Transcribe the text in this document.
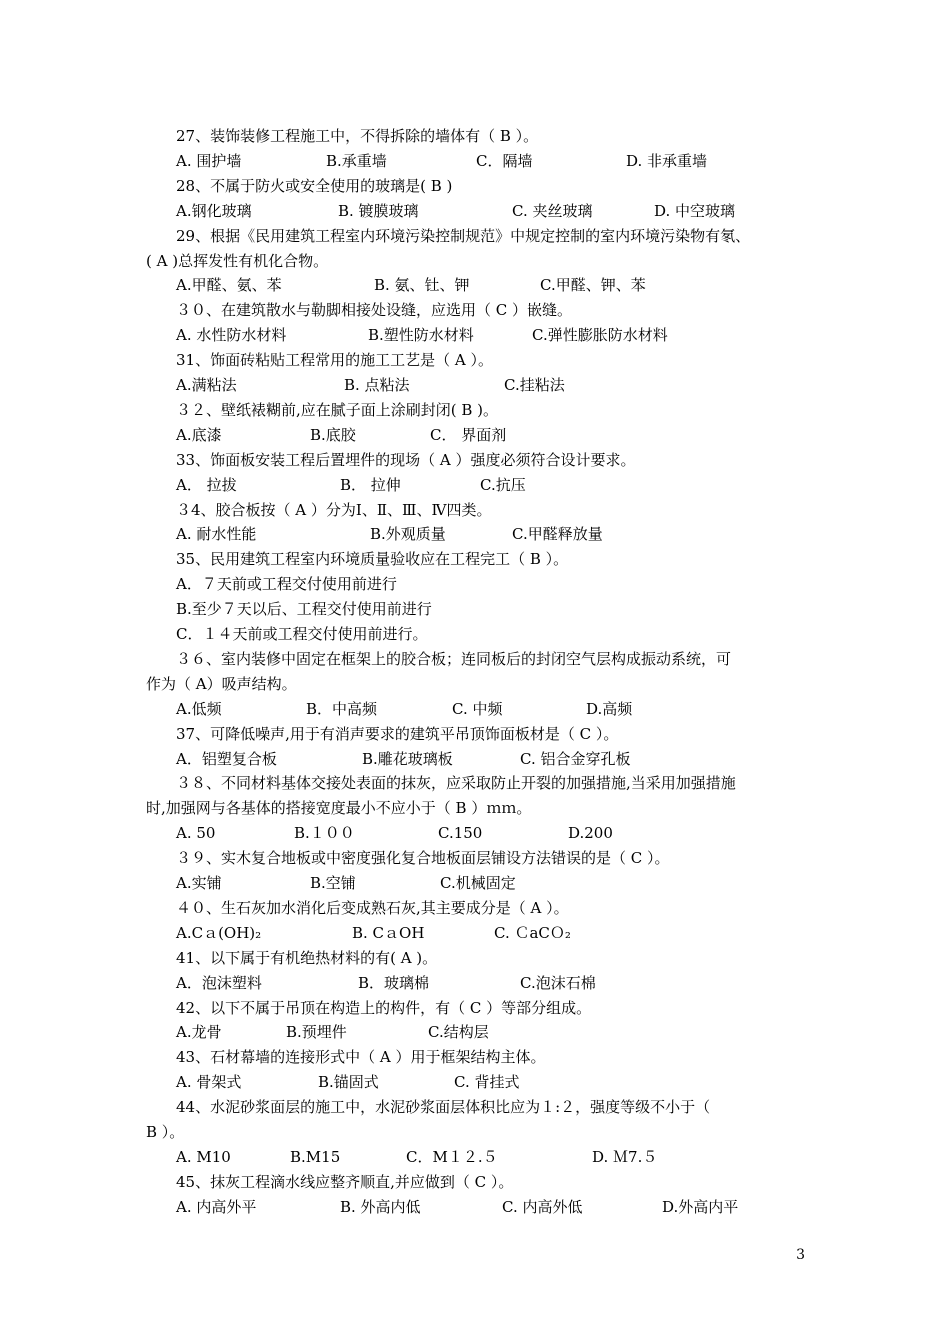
27、装饰装修工程施工中，不得拆除的墙体有（ B ）。
A. 围护墙	B.承重墙	C．隔墙	D. 非承重墙
28、不属于防火或安全使用的玻璃是( B )
A.钢化玻璃	B. 镀膜玻璃	C. 夹丝玻璃	D. 中空玻璃
29、根据《民用建筑工程室内环境污染控制规范》中规定控制的室内环境污染物有氡、
( A )总挥发性有机化合物。
A.甲醛、氨、苯	B. 氨、钍、钾	C.甲醛、钾、苯
３０、在建筑散水与勒脚相接处设缝，应选用（ C ）嵌缝。
A. 水性防水材料	B.塑性防水材料	C.弹性膨胀防水材料
31、饰面砖粘贴工程常用的施工工艺是（ A ）。
A.满粘法	B. 点粘法	C.挂粘法
３２、壁纸裱糊前,应在腻子面上涂刷封闭( B )。
A.底漆	B.底胶	C． 界面剂
33、饰面板安装工程后置埋件的现场（ A ）强度必须符合设计要求。
A． 拉拔	B． 拉伸	C.抗压
３4、胶合板按（ A ）分为Ⅰ、Ⅱ、Ⅲ、Ⅳ四类。
A. 耐水性能	B.外观质量	C.甲醛释放量
35、民用建筑工程室内环境质量验收应在工程完工（ B ）。
A．７天前或工程交付使用前进行
B.至少７天以后、工程交付使用前进行
C．１４天前或工程交付使用前进行。
３６、室内装修中固定在框架上的胶合板；连同板后的封闭空气层构成振动系统，可
作为（ A）吸声结构。
A.低频	B．中高频	C. 中频	D.高频
37、可降低噪声,用于有消声要求的建筑平吊顶饰面板材是（ C ）。
A．铝塑复合板	B.雕花玻璃板	C. 铝合金穿孔板
３８、不同材料基体交接处表面的抹灰，应采取防止开裂的加强措施,当采用加强措施
时,加强网与各基体的搭接宽度最小不应小于（ B ）ｍｍ。
A. 50	B.１００	C.150	D.200
３９、实木复合地板或中密度强化复合地板面层铺设方法错误的是（ C ）。
A.实铺	B.空铺	C.机械固定
４０、生石灰加水消化后变成熟石灰,其主要成分是（ A ）。
A.Cａ(OH)₂	B. CａOH	C. ＣaCＯ₂
41、以下属于有机绝热材料的有( A )。
A．泡沫塑料	B．玻璃棉	C.泡沫石棉
42、以下不属于吊顶在构造上的构件，有（ C ）等部分组成。
A.龙骨	B.预埋件	C.结构层
43、石材幕墙的连接形式中（ A ）用于框架结构主体。
A. 骨架式	B.锚固式	C. 背挂式
44、水泥砂浆面层的施工中，水泥砂浆面层体积比应为１:２，强度等级不小于（
B ）。
A. M10	B.M15	C．M１２.５	D. Ｍ7.５
45、抹灰工程滴水线应整齐顺直,并应做到（ C ）。
A. 内高外平	B. 外高内低	C. 内高外低	D.外高内平
3
